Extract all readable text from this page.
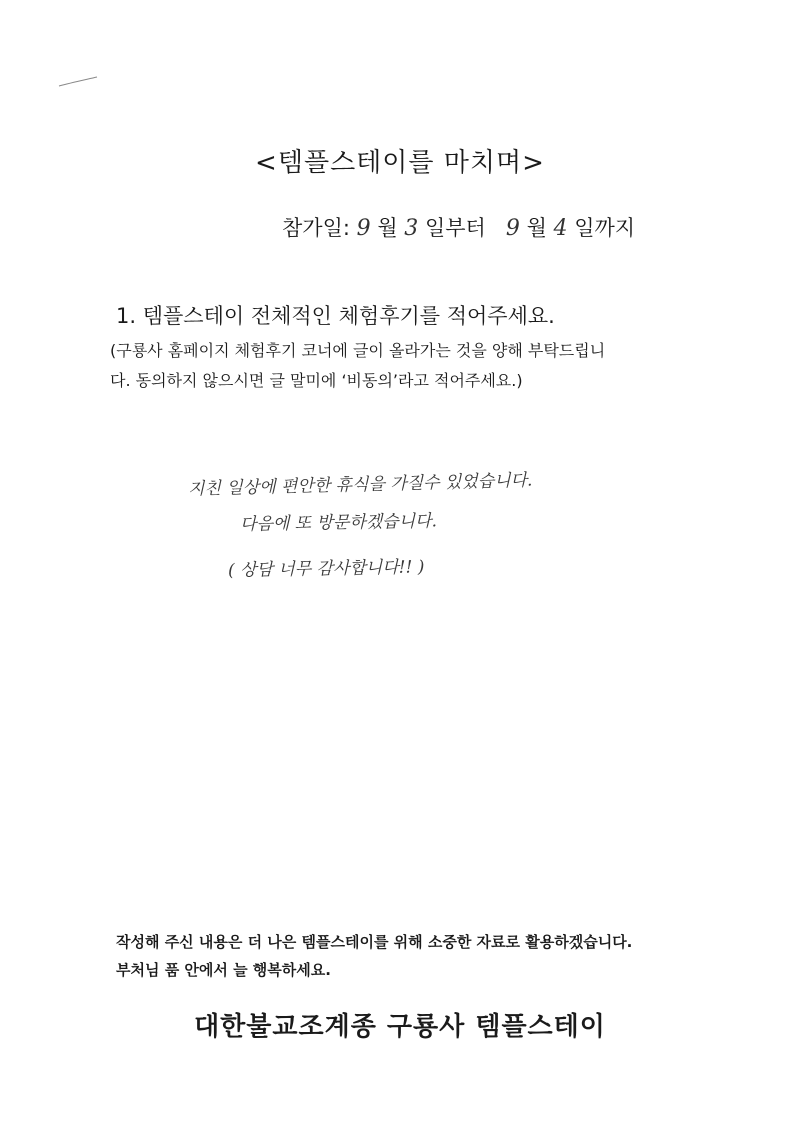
<템플스테이를 마치며>
참가일: 9 월 3 일부터 9 월 4 일까지
1. 템플스테이 전체적인 체험후기를 적어주세요.
(구룡사 홈페이지 체험후기 코너에 글이 올라가는 것을 양해 부탁드립니
다. 동의하지 않으시면 글 말미에 ‘비동의’라고 적어주세요.)
지친 일상에 편안한 휴식을 가질수 있었습니다.
다음에 또 방문하겠습니다.
( 상담 너무 감사합니다!! )
작성해 주신 내용은 더 나은 템플스테이를 위해 소중한 자료로 활용하겠습니다.
부처님 품 안에서 늘 행복하세요.
대한불교조계종 구룡사 템플스테이
